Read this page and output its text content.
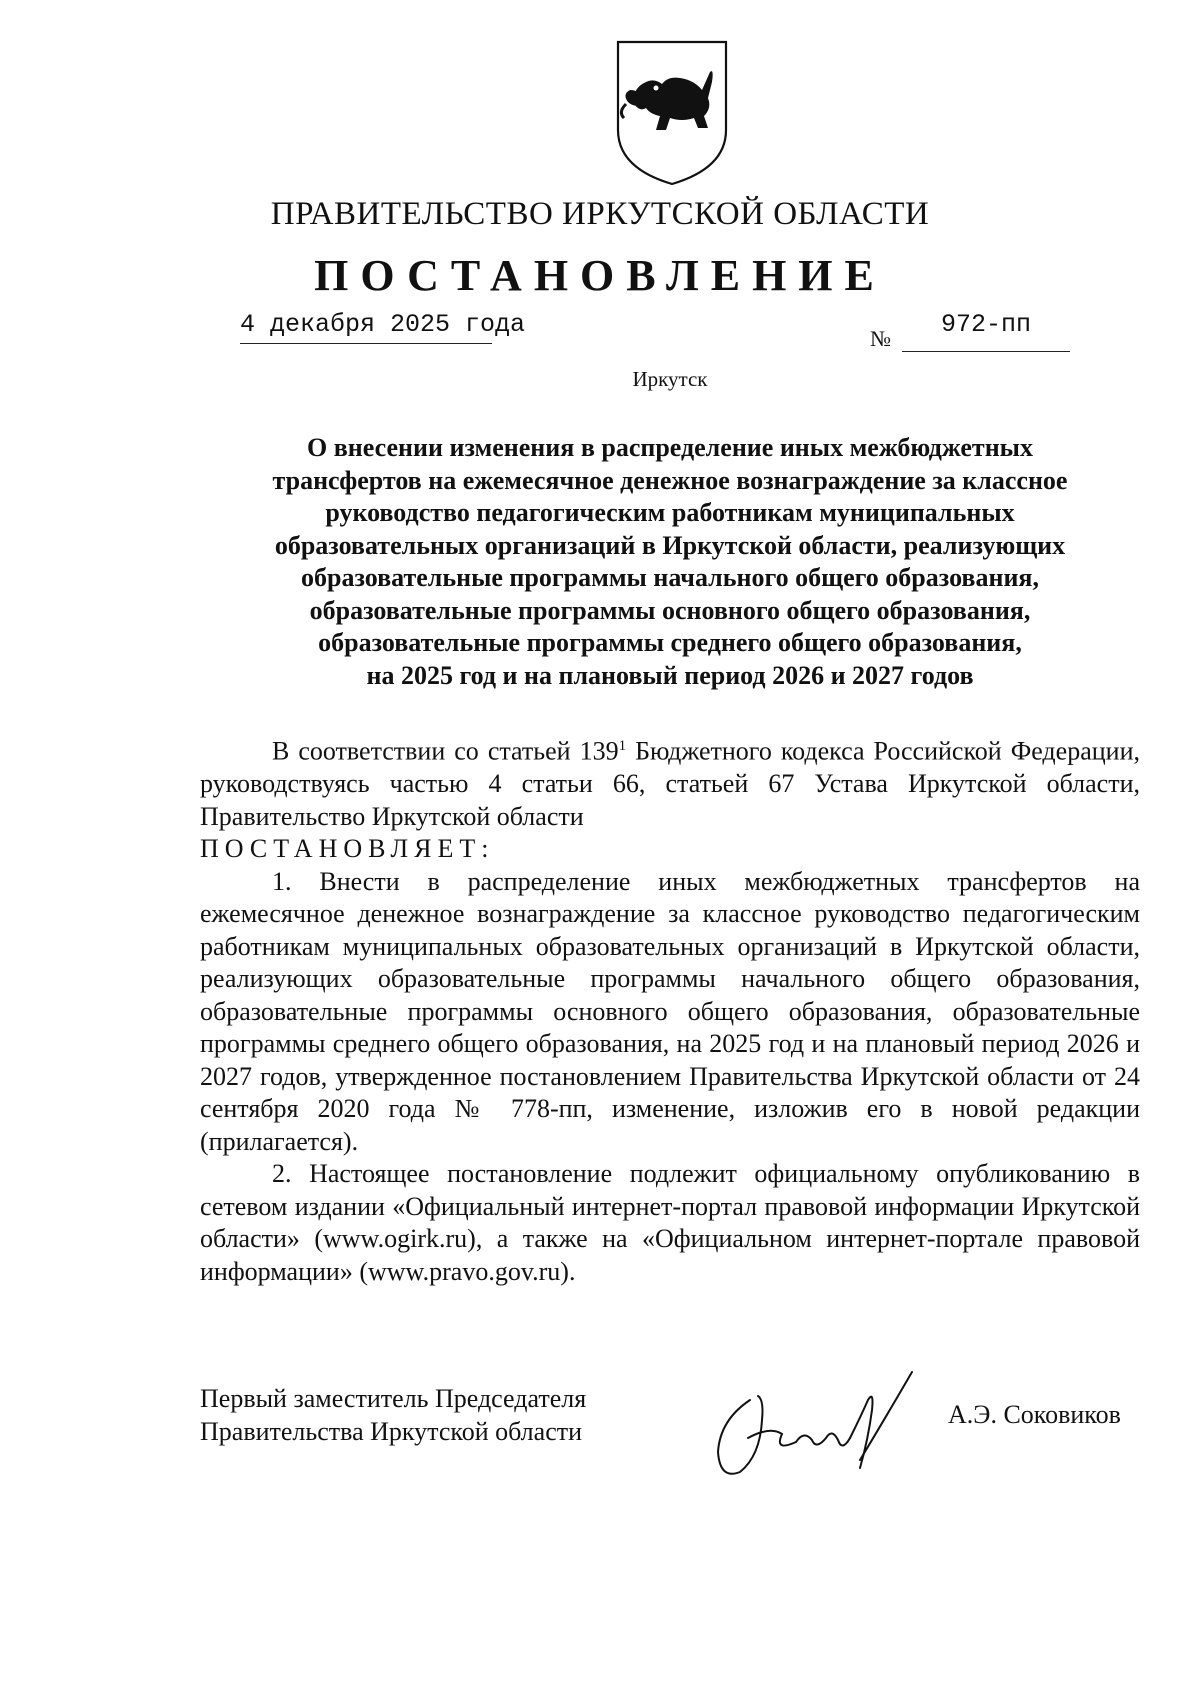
ПРАВИТЕЛЬСТВО ИРКУТСКОЙ ОБЛАСТИ
ПОСТАНОВЛЕНИЕ
4 декабря 2025 года	№	972-пп
Иркутск
О внесении изменения в распределение иных межбюджетных
трансфертов на ежемесячное денежное вознаграждение за классное
руководство педагогическим работникам муниципальных
образовательных организаций в Иркутской области, реализующих
образовательные программы начального общего образования,
образовательные программы основного общего образования,
образовательные программы среднего общего образования,
на 2025 год и на плановый период 2026 и 2027 годов

В соответствии со статьей $139^1$ Бюджетного кодекса Российской Федерации, руководствуясь частью 4 статьи 66, статьей 67 Устава Иркутской области, Правительство Иркутской области

ПОСТАНОВЛЯЕТ:

1. Внести в распределение иных межбюджетных трансфертов на ежемесячное денежное вознаграждение за классное руководство педагогическим работникам муниципальных образовательных организаций в Иркутской области, реализующих образовательные программы начального общего образования, образовательные программы основного общего образования, образовательные программы среднего общего образования, на 2025 год и на плановый период 2026 и 2027 годов, утвержденное постановлением Правительства Иркутской области от 24 сентября 2020 года № 778-пп, изменение, изложив его в новой редакции (прилагается).

2. Настоящее постановление подлежит официальному опубликованию в сетевом издании «Официальный интернет-портал правовой информации Иркутской области» (www.ogirk.ru), а также на «Официальном интернет-портале правовой информации» (www.pravo.gov.ru).

Первый заместитель Председателя
Правительства Иркутской области
А.Э. Соковиков
